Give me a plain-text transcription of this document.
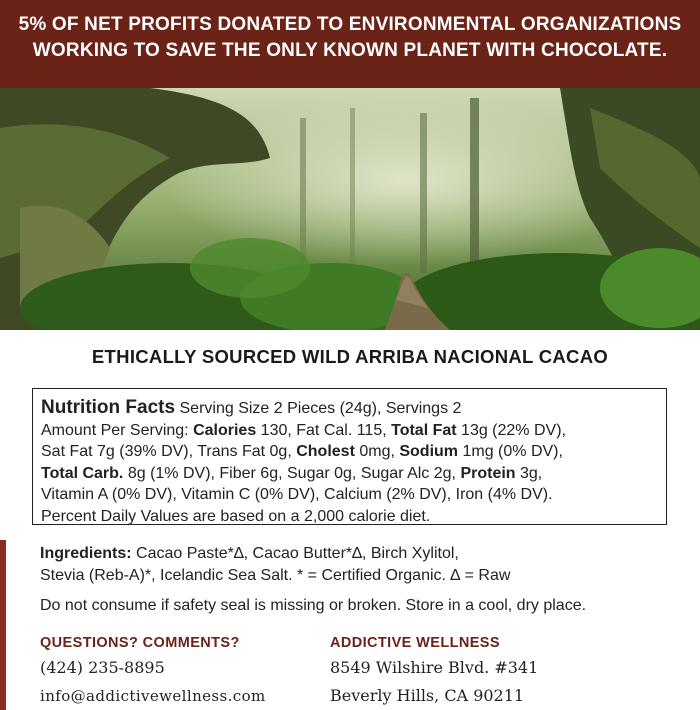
5% OF NET PROFITS DONATED TO ENVIRONMENTAL ORGANIZATIONS
WORKING TO SAVE THE ONLY KNOWN PLANET WITH CHOCOLATE.
ETHICALLY SOURCED WILD ARRIBA NACIONAL CACAO
Nutrition Facts Serving Size 2 Pieces (24g), Servings 2
Amount Per Serving: Calories 130, Fat Cal. 115, Total Fat 13g (22% DV),
Sat Fat 7g (39% DV), Trans Fat 0g, Cholest 0mg, Sodium 1mg (0% DV),
Total Carb. 8g (1% DV), Fiber 6g, Sugar 0g, Sugar Alc 2g, Protein 3g,
Vitamin A (0% DV), Vitamin C (0% DV), Calcium (2% DV), Iron (4% DV).
Percent Daily Values are based on a 2,000 calorie diet.
Ingredients: Cacao Paste*∆, Cacao Butter*∆, Birch Xylitol,
Stevia (Reb-A)*, Icelandic Sea Salt. * = Certified Organic. ∆ = Raw
Do not consume if safety seal is missing or broken. Store in a cool, dry place.
QUESTIONS? COMMENTS?
(424) 235-8895
info@addictivewellness.com
ADDICTIVE WELLNESS
8549 Wilshire Blvd. #341
Beverly Hills, CA 90211
